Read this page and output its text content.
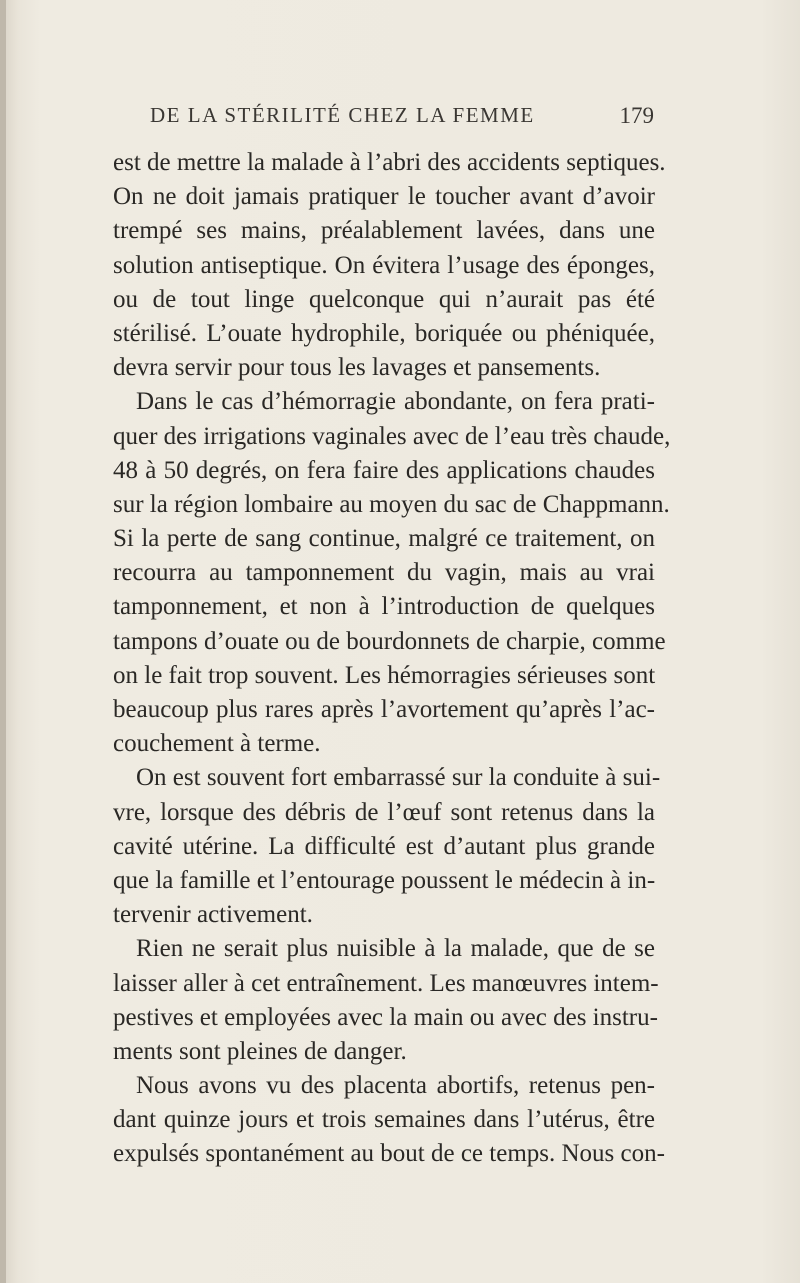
DE LA STÉRILITÉ CHEZ LA FEMME	179
est de mettre la malade à l’abri des accidents septiques.
On ne doit jamais pratiquer le toucher avant d’avoir
trempé ses mains, préalablement lavées, dans une
solution antiseptique. On évitera l’usage des éponges,
ou de tout linge quelconque qui n’aurait pas été
stérilisé. L’ouate hydrophile, boriquée ou phéniquée,
devra servir pour tous les lavages et pansements.
Dans le cas d’hémorragie abondante, on fera prati-
quer des irrigations vaginales avec de l’eau très chaude,
48 à 50 degrés, on fera faire des applications chaudes
sur la région lombaire au moyen du sac de Chappmann.
Si la perte de sang continue, malgré ce traitement, on
recourra au tamponnement du vagin, mais au vrai
tamponnement, et non à l’introduction de quelques
tampons d’ouate ou de bourdonnets de charpie, comme
on le fait trop souvent. Les hémorragies sérieuses sont
beaucoup plus rares après l’avortement qu’après l’ac-
couchement à terme.
On est souvent fort embarrassé sur la conduite à sui-
vre, lorsque des débris de l’œuf sont retenus dans la
cavité utérine. La difficulté est d’autant plus grande
que la famille et l’entourage poussent le médecin à in-
tervenir activement.
Rien ne serait plus nuisible à la malade, que de se
laisser aller à cet entraînement. Les manœuvres intem-
pestives et employées avec la main ou avec des instru-
ments sont pleines de danger.
Nous avons vu des placenta abortifs, retenus pen-
dant quinze jours et trois semaines dans l’utérus, être
expulsés spontanément au bout de ce temps. Nous con-
